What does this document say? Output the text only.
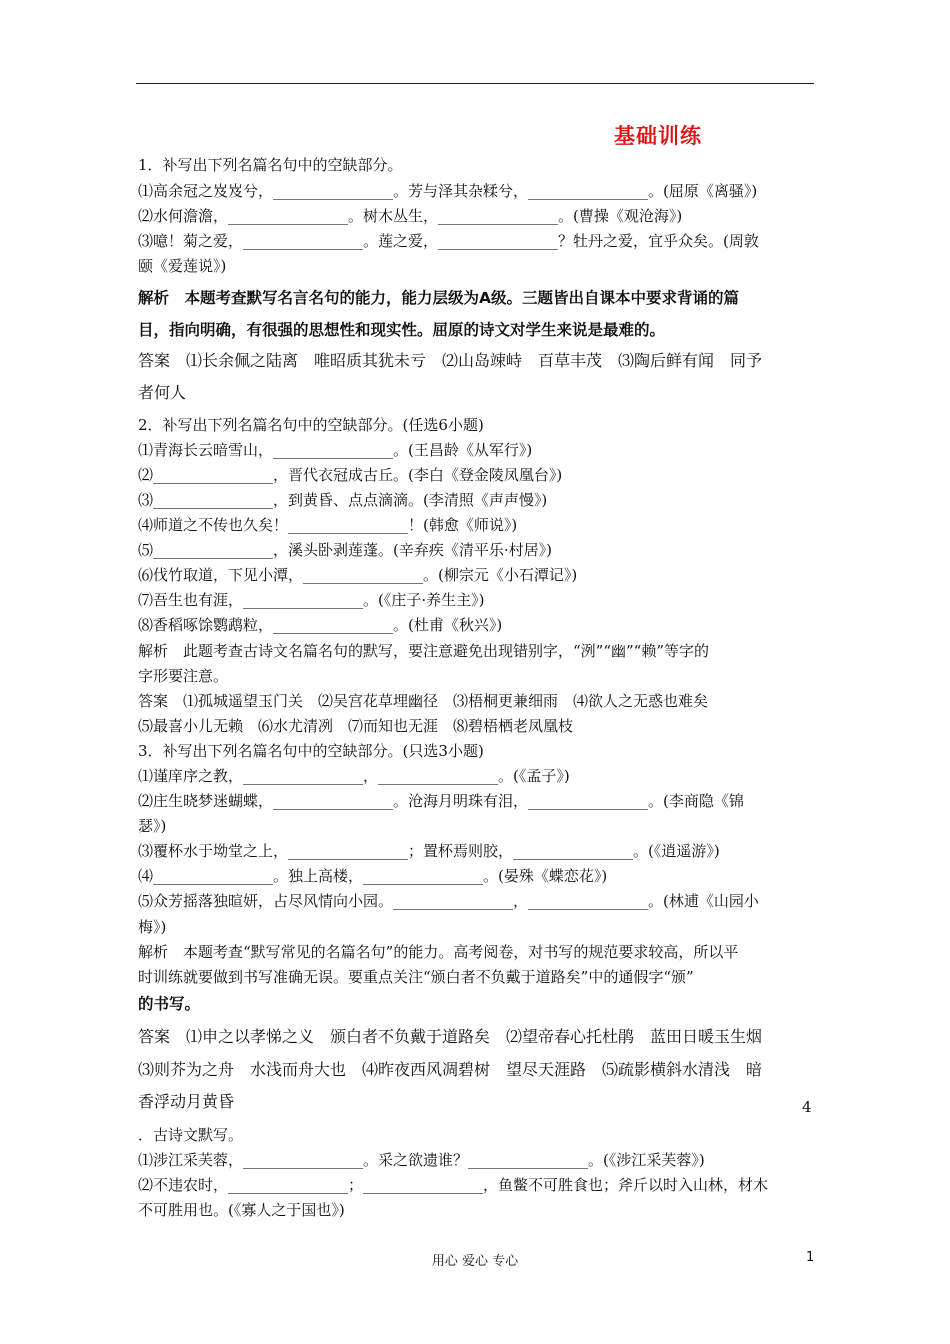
基础训练
1．补写出下列名篇名句中的空缺部分。
⑴高余冠之岌岌兮，________________。芳与泽其杂糅兮，________________。(屈原《离骚》)
⑵水何澹澹，________________。树木丛生，________________。(曹操《观沧海》)
⑶噫！菊之爱，________________。莲之爱，________________？牡丹之爱，宜乎众矣。(周敦
颐《爱莲说》)
解析　本题考查默写名言名句的能力，能力层级为A级。三题皆出自课本中要求背诵的篇
目，指向明确，有很强的思想性和现实性。屈原的诗文对学生来说是最难的。
答案　⑴长余佩之陆离　唯昭质其犹未亏　⑵山岛竦峙　百草丰茂　⑶陶后鲜有闻　同予
者何人
2．补写出下列名篇名句中的空缺部分。(任选6小题)
⑴青海长云暗雪山，________________。(王昌龄《从军行》)
⑵________________，晋代衣冠成古丘。(李白《登金陵凤凰台》)
⑶________________，到黄昏、点点滴滴。(李清照《声声慢》)
⑷师道之不传也久矣！________________！(韩愈《师说》)
⑸________________，溪头卧剥莲蓬。(辛弃疾《清平乐·村居》)
⑹伐竹取道，下见小潭，________________。(柳宗元《小石潭记》)
⑺吾生也有涯，________________。(《庄子·养生主》)
⑻香稻啄馀鹦鹉粒，________________。(杜甫《秋兴》)
解析　此题考查古诗文名篇名句的默写，要注意避免出现错别字，“洌”“幽”“赖”等字的
字形要注意。
答案　⑴孤城遥望玉门关　⑵吴宫花草埋幽径　⑶梧桐更兼细雨　⑷欲人之无惑也难矣
⑸最喜小儿无赖　⑹水尤清冽　⑺而知也无涯　⑻碧梧栖老凤凰枝
3．补写出下列名篇名句中的空缺部分。(只选3小题)
⑴谨庠序之教，________________，________________。(《孟子》)
⑵庄生晓梦迷蝴蝶，________________。沧海月明珠有泪，________________。(李商隐《锦
瑟》)
⑶覆杯水于坳堂之上，________________；置杯焉则胶，________________。(《逍遥游》)
⑷________________。独上高楼，________________。(晏殊《蝶恋花》)
⑸众芳摇落独暄妍，占尽风情向小园。________________，________________。(林逋《山园小
梅》)
解析　本题考查“默写常见的名篇名句”的能力。高考阅卷，对书写的规范要求较高，所以平
时训练就要做到书写准确无误。要重点关注“颁白者不负戴于道路矣”中的通假字“颁”
的书写。
答案　⑴申之以孝悌之义　颁白者不负戴于道路矣　⑵望帝春心托杜鹃　蓝田日暖玉生烟
⑶则芥为之舟　水浅而舟大也　⑷昨夜西风凋碧树　望尽天涯路　⑸疏影横斜水清浅　暗
香浮动月黄昏	4
．古诗文默写。
⑴涉江采芙蓉，________________。采之欲遗谁？________________。(《涉江采芙蓉》)
⑵不违农时，________________；________________，鱼鳖不可胜食也；斧斤以时入山林，材木
不可胜用也。(《寡人之于国也》)
用心 爱心 专心	1
